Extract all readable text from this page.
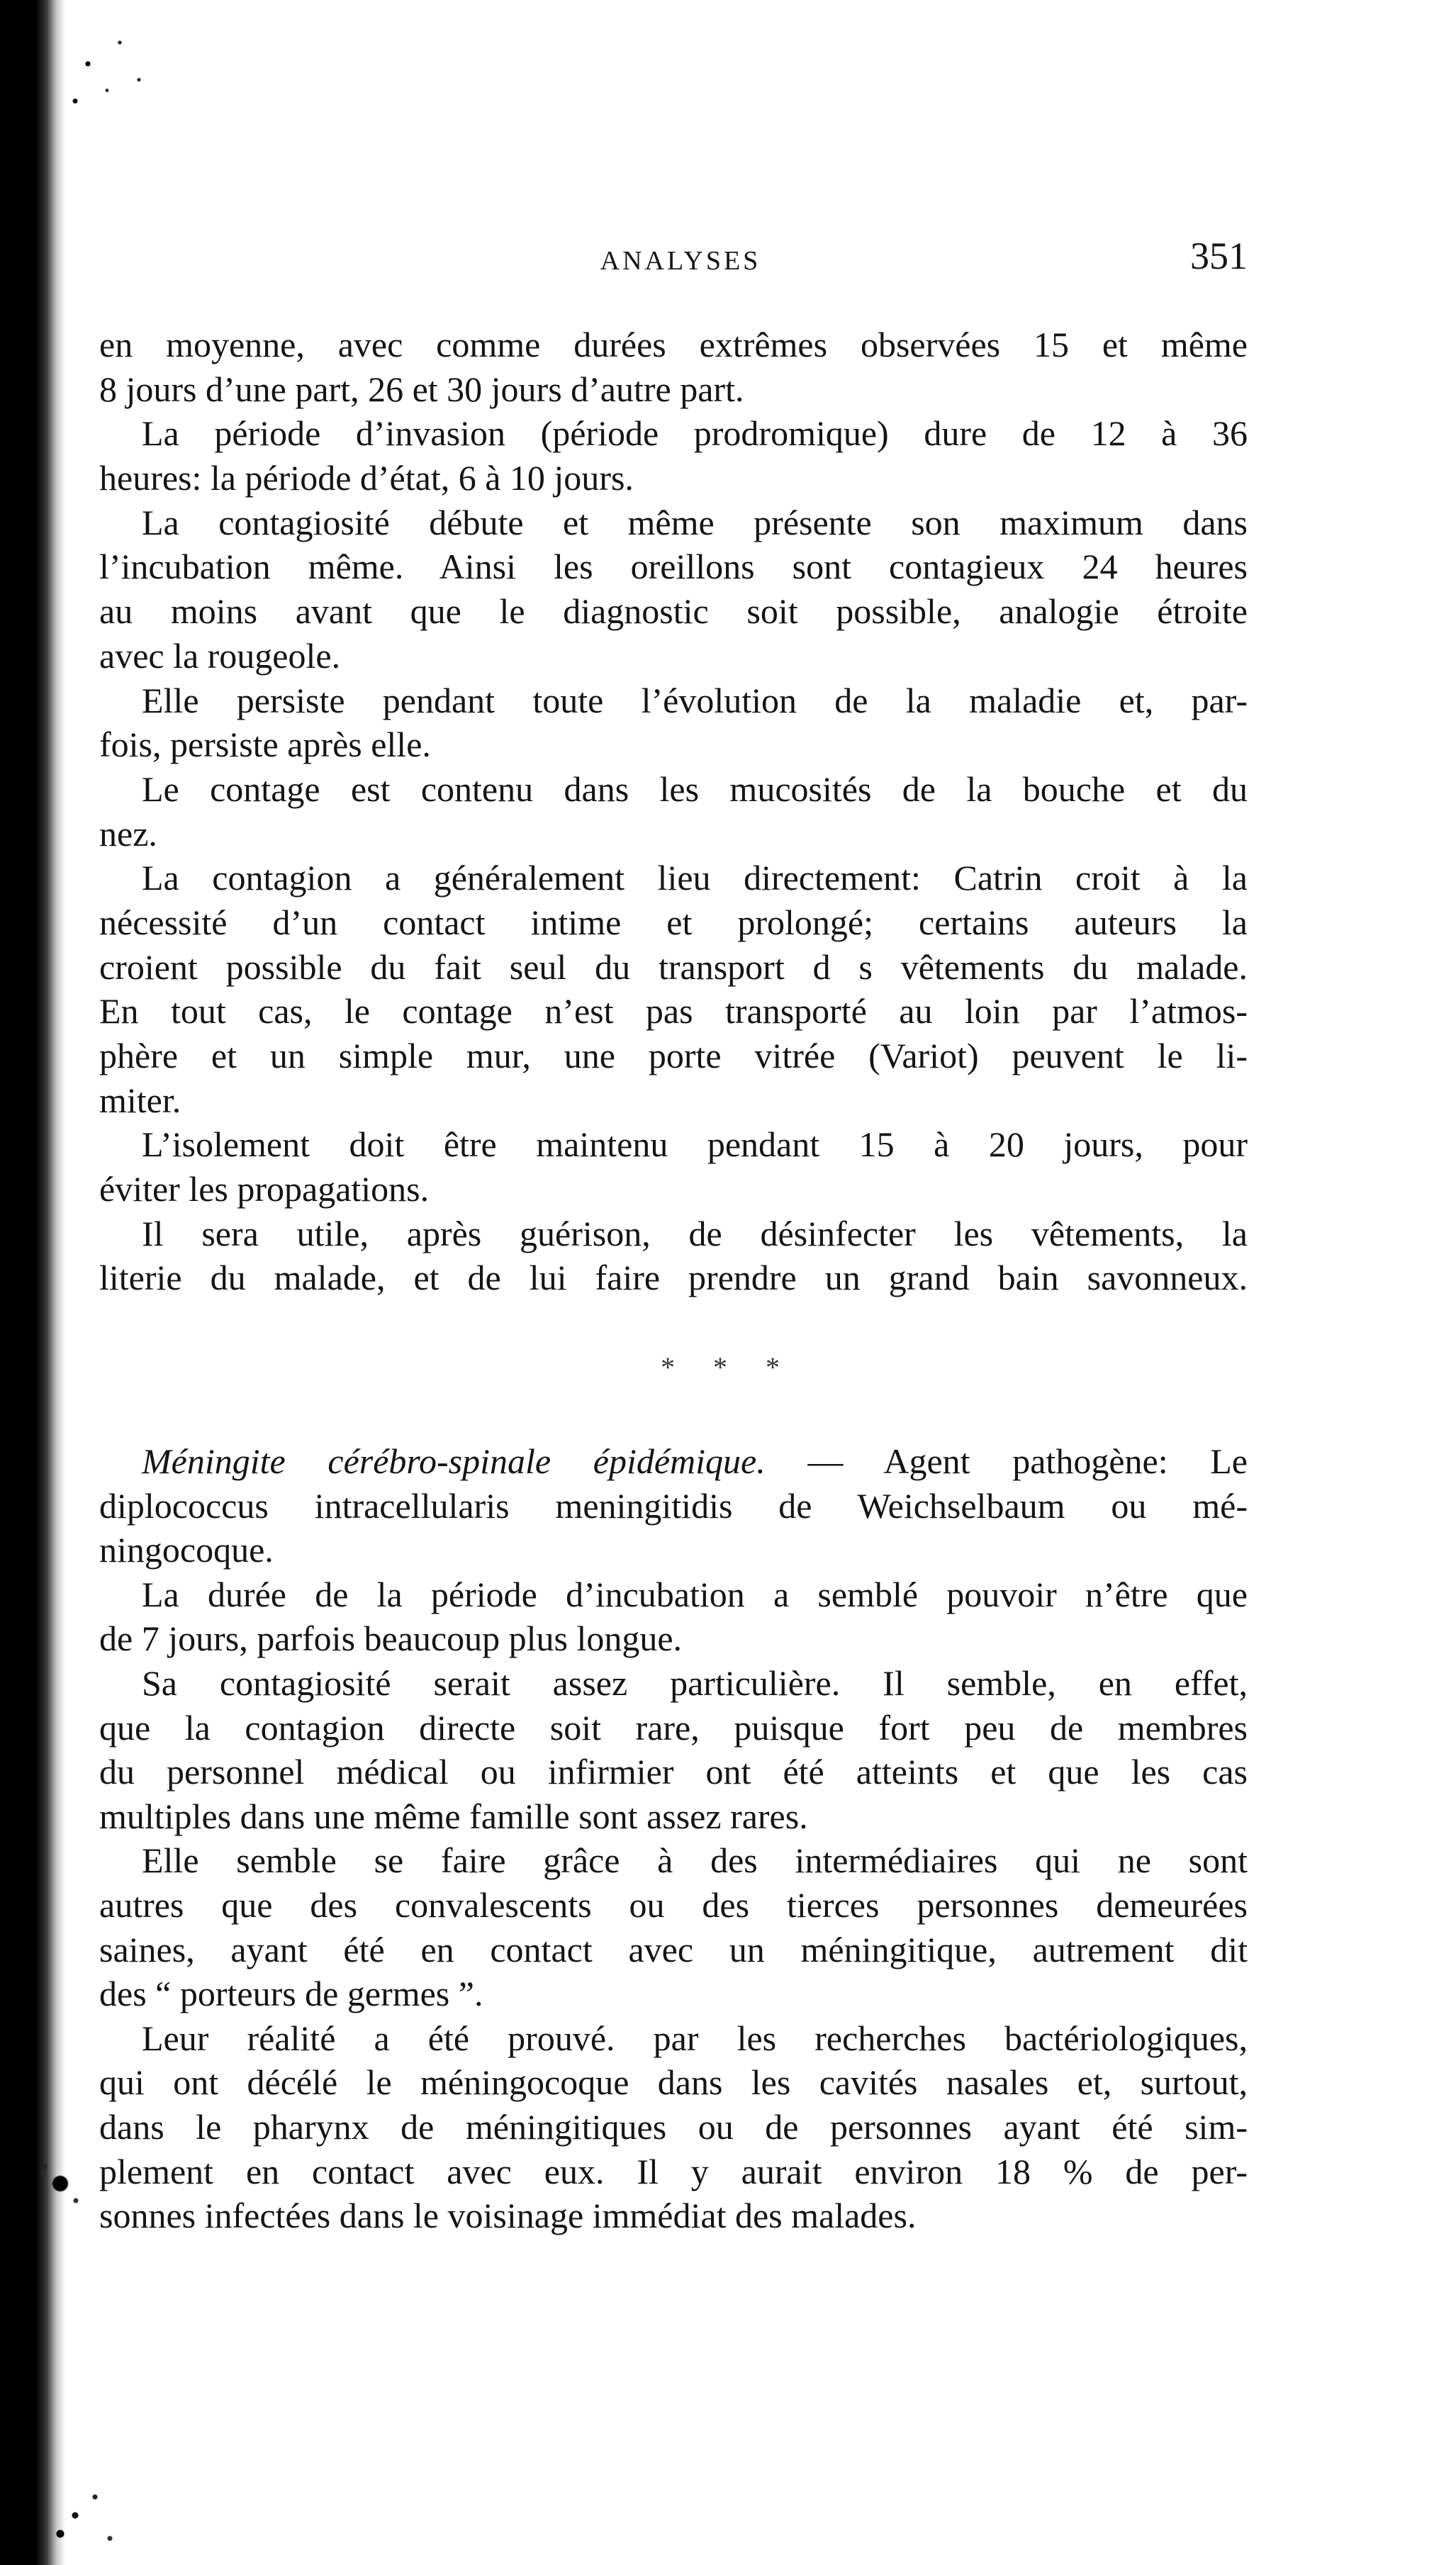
ANALYSES	351
en moyenne, avec comme durées extrêmes observées 15 et même
8 jours d’une part, 26 et 30 jours d’autre part.
La période d’invasion (période prodromique) dure de 12 à 36
heures: la période d’état, 6 à 10 jours.
La contagiosité débute et même présente son maximum dans
l’incubation même. Ainsi les oreillons sont contagieux 24 heures
au moins avant que le diagnostic soit possible, analogie étroite
avec la rougeole.
Elle persiste pendant toute l’évolution de la maladie et, par-
fois, persiste après elle.
Le contage est contenu dans les mucosités de la bouche et du
nez.
La contagion a généralement lieu directement: Catrin croit à la
nécessité d’un contact intime et prolongé; certains auteurs la
croient possible du fait seul du transport d s vêtements du malade.
En tout cas, le contage n’est pas transporté au loin par l’atmos-
phère et un simple mur, une porte vitrée (Variot) peuvent le li-
miter.
L’isolement doit être maintenu pendant 15 à 20 jours, pour
éviter les propagations.
Il sera utile, après guérison, de désinfecter les vêtements, la
literie du malade, et de lui faire prendre un grand bain savonneux.
* * *
Méningite cérébro-spinale épidémique. — Agent pathogène: Le
diplococcus intracellularis meningitidis de Weichselbaum ou mé-
ningocoque.
La durée de la période d’incubation a semblé pouvoir n’être que
de 7 jours, parfois beaucoup plus longue.
Sa contagiosité serait assez particulière. Il semble, en effet,
que la contagion directe soit rare, puisque fort peu de membres
du personnel médical ou infirmier ont été atteints et que les cas
multiples dans une même famille sont assez rares.
Elle semble se faire grâce à des intermédiaires qui ne sont
autres que des convalescents ou des tierces personnes demeurées
saines, ayant été en contact avec un méningitique, autrement dit
des “ porteurs de germes ”.
Leur réalité a été prouvé. par les recherches bactériologiques,
qui ont décélé le méningocoque dans les cavités nasales et, surtout,
dans le pharynx de méningitiques ou de personnes ayant été sim-
plement en contact avec eux. Il y aurait environ 18 % de per-
sonnes infectées dans le voisinage immédiat des malades.
